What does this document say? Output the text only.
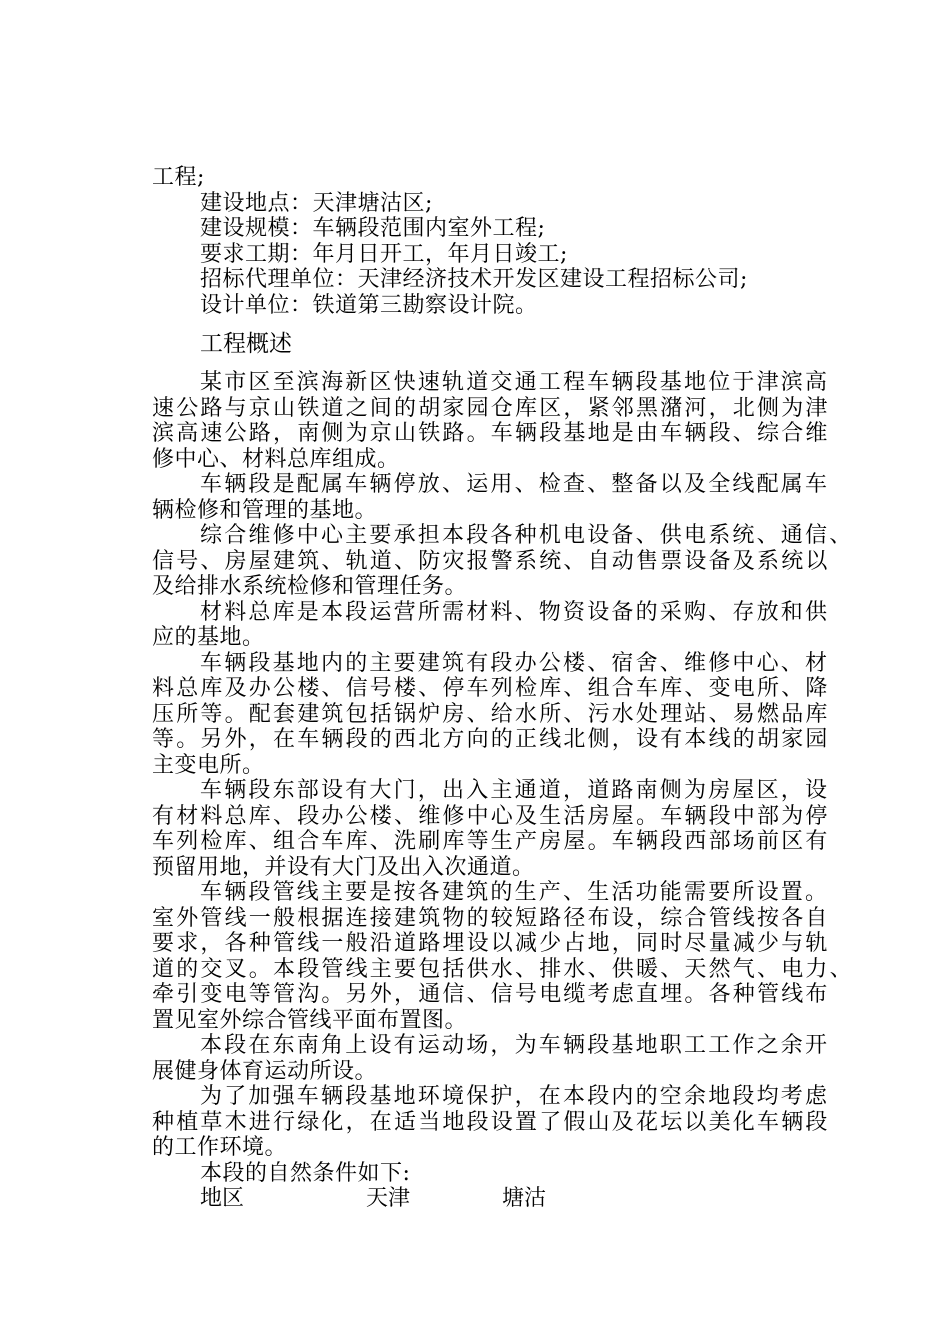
工程;
建设地点：天津塘沽区;
建设规模：车辆段范围内室外工程;
要求工期：年月日开工，年月日竣工;
招标代理单位：天津经济技术开发区建设工程招标公司;
设计单位：铁道第三勘察设计院。
工程概述
某市区至滨海新区快速轨道交通工程车辆段基地位于津滨高
速公路与京山铁道之间的胡家园仓库区，紧邻黑潴河，北侧为津
滨高速公路，南侧为京山铁路。车辆段基地是由车辆段、综合维
修中心、材料总库组成。
车辆段是配属车辆停放、运用、检查、整备以及全线配属车
辆检修和管理的基地。
综合维修中心主要承担本段各种机电设备、供电系统、通信、
信号、房屋建筑、轨道、防灾报警系统、自动售票设备及系统以
及给排水系统检修和管理任务。
材料总库是本段运营所需材料、物资设备的采购、存放和供
应的基地。
车辆段基地内的主要建筑有段办公楼、宿舍、维修中心、材
料总库及办公楼、信号楼、停车列检库、组合车库、变电所、降
压所等。配套建筑包括锅炉房、给水所、污水处理站、易燃品库
等。另外，在车辆段的西北方向的正线北侧，设有本线的胡家园
主变电所。
车辆段东部设有大门，出入主通道，道路南侧为房屋区，设
有材料总库、段办公楼、维修中心及生活房屋。车辆段中部为停
车列检库、组合车库、洗刷库等生产房屋。车辆段西部场前区有
预留用地，并设有大门及出入次通道。
车辆段管线主要是按各建筑的生产、生活功能需要所设置。
室外管线一般根据连接建筑物的较短路径布设，综合管线按各自
要求，各种管线一般沿道路埋设以减少占地，同时尽量减少与轨
道的交叉。本段管线主要包括供水、排水、供暖、天然气、电力、
牵引变电等管沟。另外，通信、信号电缆考虑直埋。各种管线布
置见室外综合管线平面布置图。
本段在东南角上设有运动场，为车辆段基地职工工作之余开
展健身体育运动所设。
为了加强车辆段基地环境保护，在本段内的空余地段均考虑
种植草木进行绿化，在适当地段设置了假山及花坛以美化车辆段
的工作环境。
本段的自然条件如下:
地区	天津	塘沽
